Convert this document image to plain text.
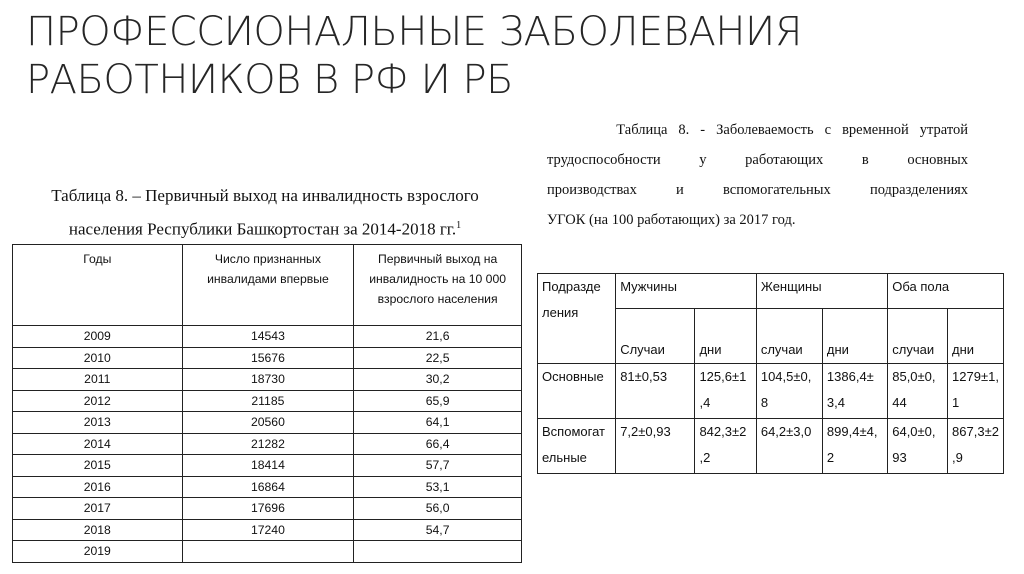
ПРОФЕССИОНАЛЬНЫЕ ЗАБОЛЕВАНИЯ
РАБОТНИКОВ В РФ И РБ
Таблица 8. - Заболеваемость с временной утратой
трудоспособности	у	работающих	в	основных
производствах	и	вспомогательных	подразделениях
УГОК (на 100 работающих) за 2017 год.
Таблица 8. – Первичный выход на инвалидность взрослого
населения Республики Башкортостан за 2014-2018 гг.$^1$
Годы	Число признанных инвалидами впервые	Первичный выход на инвалидность на 10 000 взрослого населения
2009	14543	21,6
2010	15676	22,5
2011	18730	30,2
2012	21185	65,9
2013	20560	64,1
2014	21282	66,4
2015	18414	57,7
2016	16864	53,1
2017	17696	56,0
2018	17240	54,7
2019		
Подразде ления	Мужчины		Женщины		Оба пола	
	Случаи	дни	случаи	дни	случаи	дни
Основные	81±0,53	125,6±1 ,4	104,5±0, 8	1386,4± 3,4	85,0±0, 44	1279±1, 1
Вспомогат ельные	7,2±0,93	842,3±2 ,2	64,2±3,0	899,4±4, 2	64,0±0, 93	867,3±2 ,9
